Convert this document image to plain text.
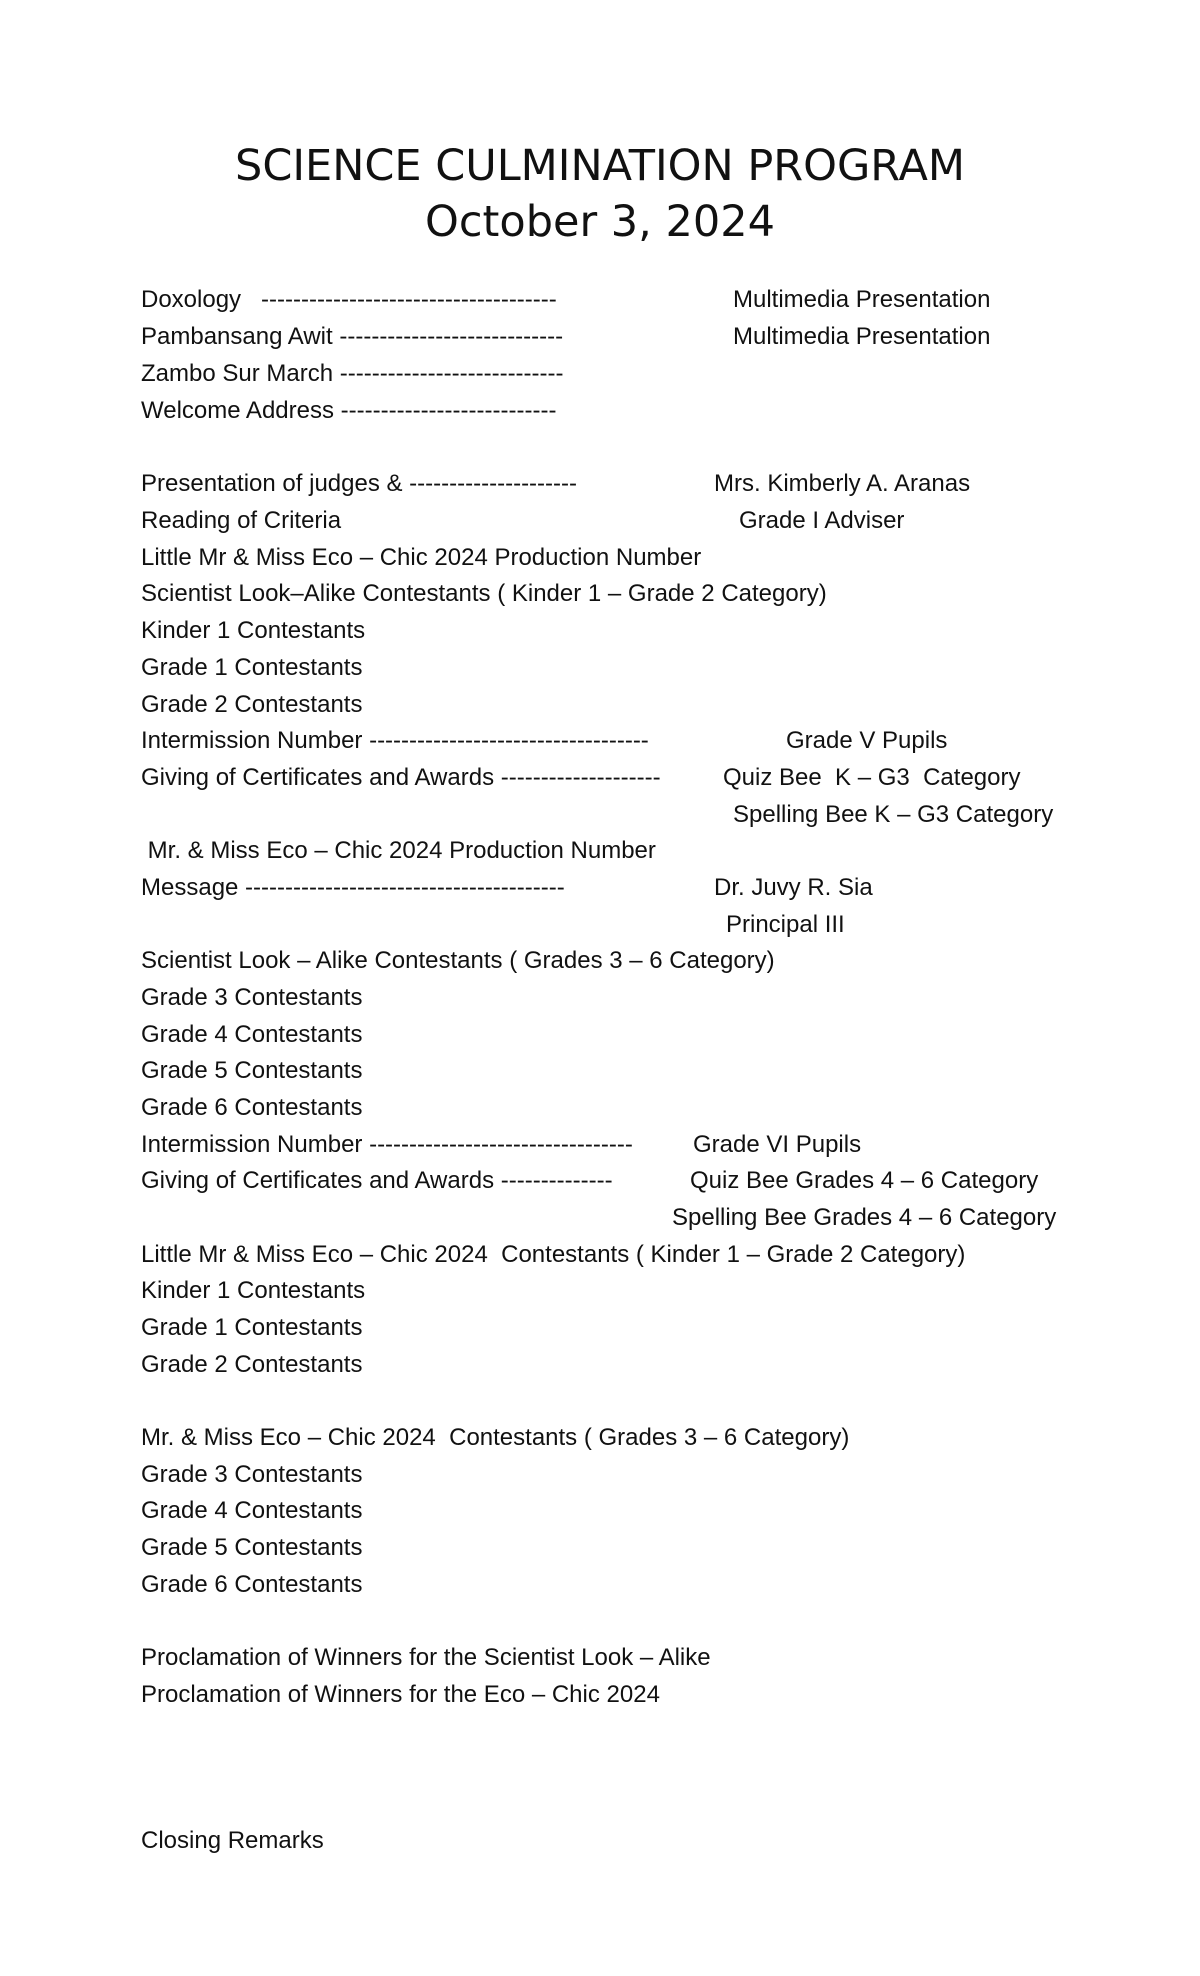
SCIENCE CULMINATION PROGRAM
October 3, 2024
Doxology   -------------------------------------	Multimedia Presentation
Pambansang Awit ----------------------------	Multimedia Presentation
Zambo Sur March ----------------------------
Welcome Address ---------------------------
Presentation of judges & ---------------------	Mrs. Kimberly A. Aranas
Reading of Criteria	Grade I Adviser
Little Mr & Miss Eco – Chic 2024 Production Number
Scientist Look–Alike Contestants ( Kinder 1 – Grade 2 Category)
Kinder 1 Contestants
Grade 1 Contestants
Grade 2 Contestants
Intermission Number -----------------------------------	Grade V Pupils
Giving of Certificates and Awards --------------------	Quiz Bee  K – G3  Category
Spelling Bee K – G3 Category
Mr. & Miss Eco – Chic 2024 Production Number
Message ----------------------------------------	Dr. Juvy R. Sia
Principal III
Scientist Look – Alike Contestants ( Grades 3 – 6 Category)
Grade 3 Contestants
Grade 4 Contestants
Grade 5 Contestants
Grade 6 Contestants
Intermission Number ---------------------------------	Grade VI Pupils
Giving of Certificates and Awards --------------	Quiz Bee Grades 4 – 6 Category
Spelling Bee Grades 4 – 6 Category
Little Mr & Miss Eco – Chic 2024  Contestants ( Kinder 1 – Grade 2 Category)
Kinder 1 Contestants
Grade 1 Contestants
Grade 2 Contestants
Mr. & Miss Eco – Chic 2024  Contestants ( Grades 3 – 6 Category)
Grade 3 Contestants
Grade 4 Contestants
Grade 5 Contestants
Grade 6 Contestants
Proclamation of Winners for the Scientist Look – Alike
Proclamation of Winners for the Eco – Chic 2024
Closing Remarks
